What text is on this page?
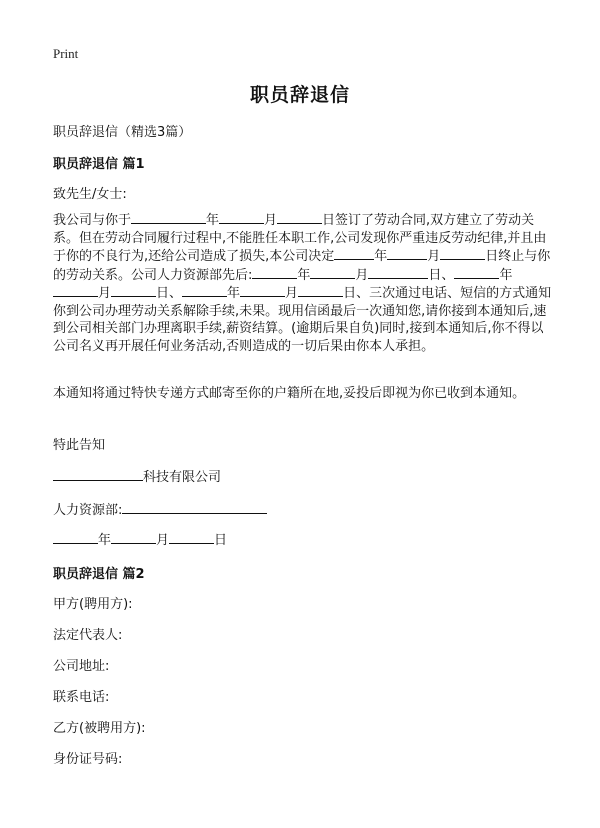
Print
职员辞退信
职员辞退信（精选3篇）
职员辞退信 篇1
致先生/女士:
我公司与你于	年	月	日签订了劳动合同,双方建立了劳动关系。但在劳动合同履行过程中,不能胜任本职工作,公司发现你严重违反劳动纪律,并且由于你的不良行为,还给公司造成了损失,本公司决定	年	月	日终止与你的劳动关系。公司人力资源部先后:	年	月	日、	年月	日、	年	月	日、三次通过电话、短信的方式通知你到公司办理劳动关系解除手续,未果。现用信函最后一次通知您,请你接到本通知后,速到公司相关部门办理离职手续,薪资结算。(逾期后果自负)同时,接到本通知后,你不得以公司名义再开展任何业务活动,否则造成的一切后果由你本人承担。
本通知将通过特快专递方式邮寄至你的户籍所在地,妥投后即视为你已收到本通知。
特此告知
科技有限公司
人力资源部:
年	月	日
职员辞退信 篇2
甲方(聘用方):
法定代表人:
公司地址:
联系电话:
乙方(被聘用方):
身份证号码:
